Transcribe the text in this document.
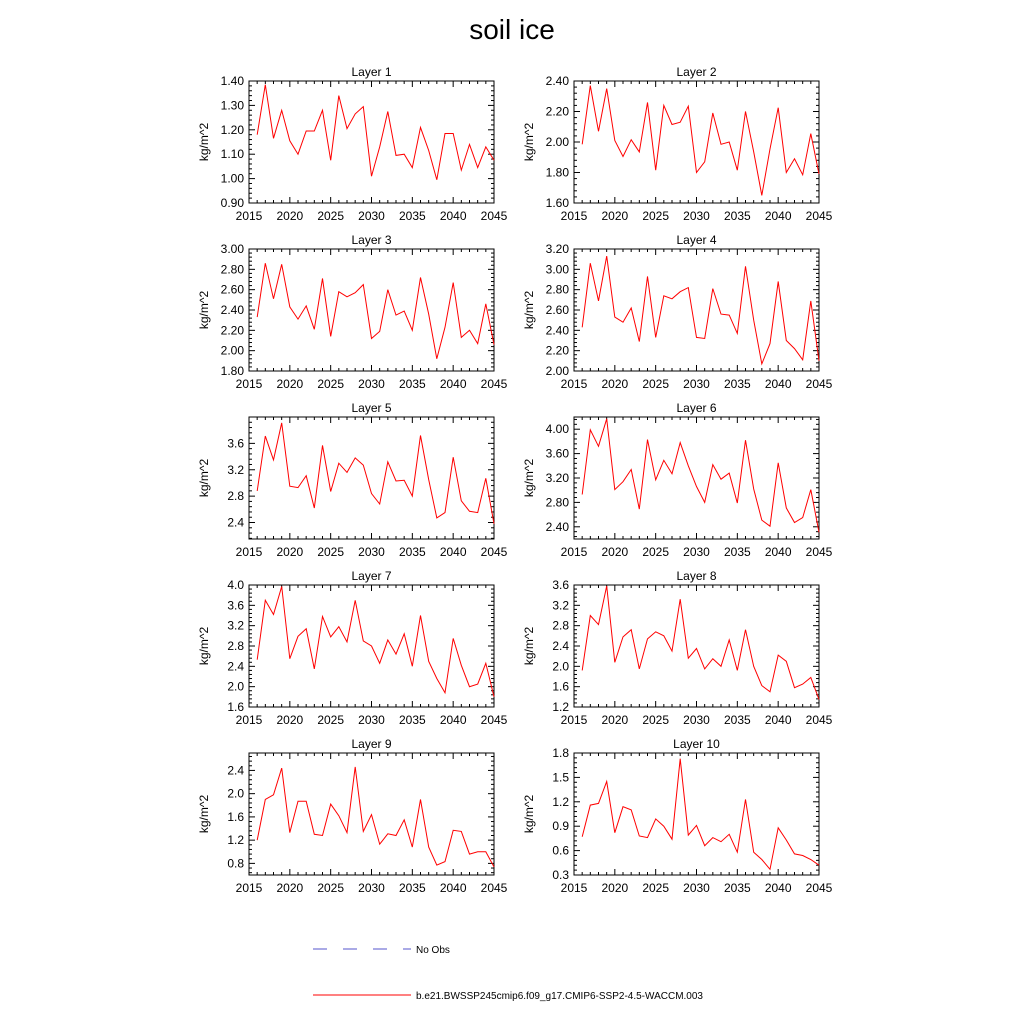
soil ice
Layer 1
kg/m^2
2015 2020 2025 2030 2035 2040 2045
0.90
1.00
1.10
1.20
1.30
1.40
Layer 2
kg/m^2
2015 2020 2025 2030 2035 2040 2045
1.60
1.80
2.00
2.20
2.40
Layer 3
kg/m^2
2015 2020 2025 2030 2035 2040 2045
1.80
2.00
2.20
2.40
2.60
2.80
3.00
Layer 4
kg/m^2
2015 2020 2025 2030 2035 2040 2045
2.00
2.20
2.40
2.60
2.80
3.00
3.20
Layer 5
kg/m^2
2015 2020 2025 2030 2035 2040 2045
2.4
2.8
3.2
3.6
Layer 6
kg/m^2
2015 2020 2025 2030 2035 2040 2045
2.40
2.80
3.20
3.60
4.00
Layer 7
kg/m^2
2015 2020 2025 2030 2035 2040 2045
1.6
2.0
2.4
2.8
3.2
3.6
4.0
Layer 8
kg/m^2
2015 2020 2025 2030 2035 2040 2045
1.2
1.6
2.0
2.4
2.8
3.2
3.6
Layer 9
kg/m^2
2015 2020 2025 2030 2035 2040 2045
0.8
1.2
1.6
2.0
2.4
Layer 10
kg/m^2
2015 2020 2025 2030 2035 2040 2045
0.3
0.6
0.9
1.2
1.5
1.8
No Obs
b.e21.BWSSP245cmip6.f09_g17.CMIP6-SSP2-4.5-WACCM.003
